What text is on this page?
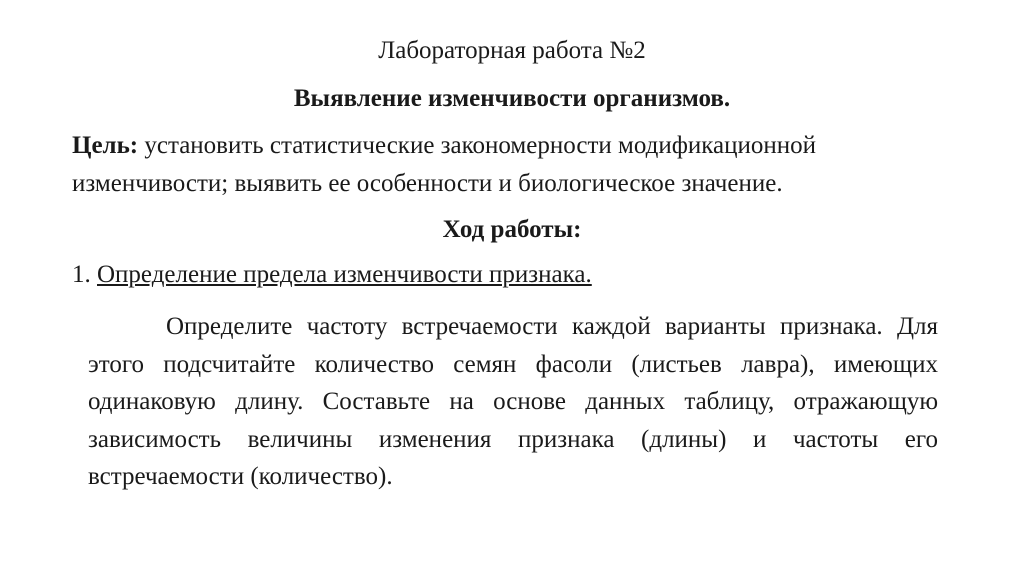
Лабораторная работа №2
Выявление изменчивости организмов.
Цель: установить статистические закономерности модификационной
изменчивости; выявить ее особенности и биологическое значение.
Ход работы:
1. Определение предела изменчивости признака.
Определите частоту встречаемости каждой варианты признака. Для этого подсчитайте количество семян фасоли (листьев лавра), имеющих одинаковую длину. Составьте на основе данных таблицу, отражающую зависимость величины изменения признака (длины) и частоты его встречаемости (количество).
